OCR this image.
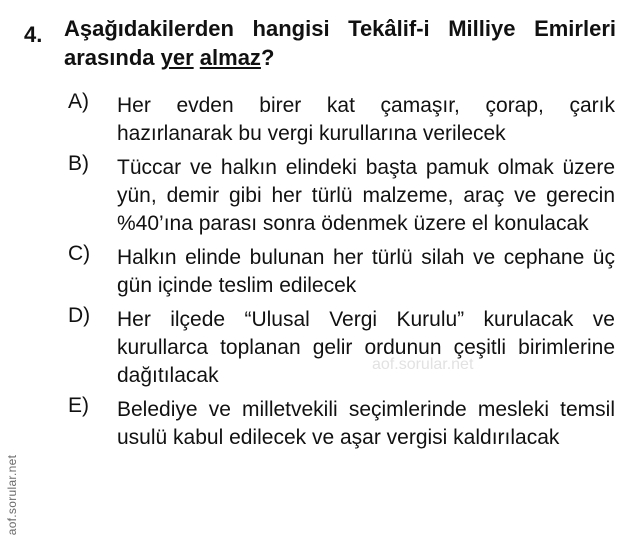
4. Aşağıdakilerden hangisi Tekâlif-i Milliye Emirleri arasında yer almaz?
A)	Her evden birer kat çamaşır, çorap, çarık hazırlanarak bu vergi kurullarına verilecek
B)	Tüccar ve halkın elindeki başta pamuk olmak üzere yün, demir gibi her türlü malzeme, araç ve gerecin %40’ına parası sonra ödenmek üzere el konulacak
C)	Halkın elinde bulunan her türlü silah ve cephane üç gün içinde teslim edilecek
D)	Her ilçede “Ulusal Vergi Kurulu” kurulacak ve kurullarca toplanan gelir ordunun çeşitli birimlerine dağıtılacak
E)	Belediye ve milletvekili seçimlerinde mesleki temsil usulü kabul edilecek ve aşar vergisi kaldırılacak
aof.sorular.net
aof.sorular.net
